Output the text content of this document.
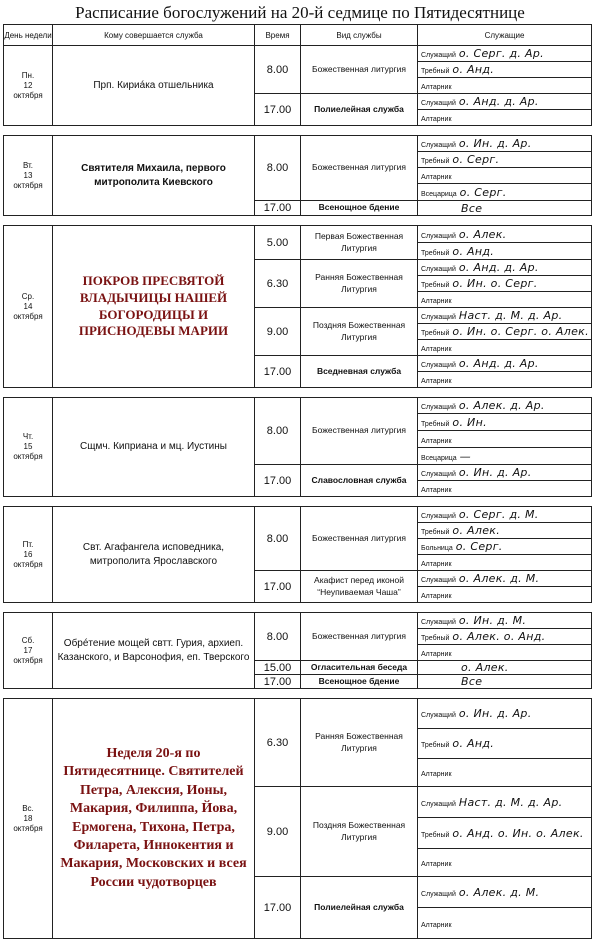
Расписание богослужений на 20-й седмице по Пятидесятнице
День недели	Кому совершается служба	Время	Вид службы	Служащие

Пн.
12
октября	Прп. Кириáка отшельника	8.00	Божественная литургия	Служащий о. Серг. д. Ар.
				Требный о. Анд.
				Алтарник
		17.00	Полиелейная служба	Служащий о. Анд. д. Ар.
				Алтарник

Вт.
13
октября	Святителя Михаила, первого митрополита Киевского	8.00	Божественная литургия	Служащий о. Ин. д. Ар.
				Требный о. Серг.
				Алтарник
				Всецарица о. Серг.
		17.00	Всенощное бдение	Все

Ср.
14
октября	ПОКРОВ ПРЕСВЯТОЙ ВЛАДЫЧИЦЫ НАШЕЙ БОГОРОДИЦЫ И ПРИСНОДЕВЫ МАРИИ	5.00	Первая Божественная Литургия	Служащий о. Алек.
				Требный о. Анд.
		6.30	Ранняя Божественная Литургия	Служащий о. Анд. д. Ар.
				Требный о. Ин. о. Серг.
				Алтарник
		9.00	Поздняя Божественная Литургия	Служащий Наст. д. М. д. Ар.
				Требный о. Ин. о. Серг. о. Алек.
				Алтарник
		17.00	Вседневная служба	Служащий о. Анд. д. Ар.
				Алтарник

Чт.
15
октября	Сщмч. Киприана и мц. Иустины	8.00	Божественная литургия	Служащий о. Алек. д. Ар.
				Требный о. Ин.
				Алтарник
				Всецарица —
		17.00	Славословная служба	Служащий о. Ин. д. Ар.
				Алтарник

Пт.
16
октября	Свт. Агафангела исповедника, митрополита Ярославского	8.00	Божественная литургия	Служащий о. Серг. д. М.
				Требный о. Алек.
				Больница о. Серг.
				Алтарник
		17.00	Акафист перед иконой “Неупиваемая Чаша”	Служащий о. Алек. д. М.
				Алтарник

Сб.
17
октября	Обрéтение мощей свтт. Гурия, архиеп. Казанского, и Варсонофия, еп. Тверского	8.00	Божественная литургия	Служащий о. Ин. д. М.
				Требный о. Алек. о. Анд.
				Алтарник
		15.00	Огласительная беседа	о. Алек.
		17.00	Всенощное бдение	Все

Вс.
18
октября	Неделя 20-я по Пятидесятнице. Святителей Петра, Алексия, Ионы, Макария, Филиппа, Йова, Ермогена, Тихона, Петра, Филарета, Иннокентия и Макария, Московских и всея России чудотворцев	6.30	Ранняя Божественная Литургия	Служащий о. Ин. д. Ар.
				Требный о. Анд.
				Алтарник
		9.00	Поздняя Божественная Литургия	Служащий Наст. д. М. д. Ар.
				Требный о. Анд. о. Ин. о. Алек.
				Алтарник
		17.00	Полиелейная служба	Служащий о. Алек. д. М.
				Алтарник
